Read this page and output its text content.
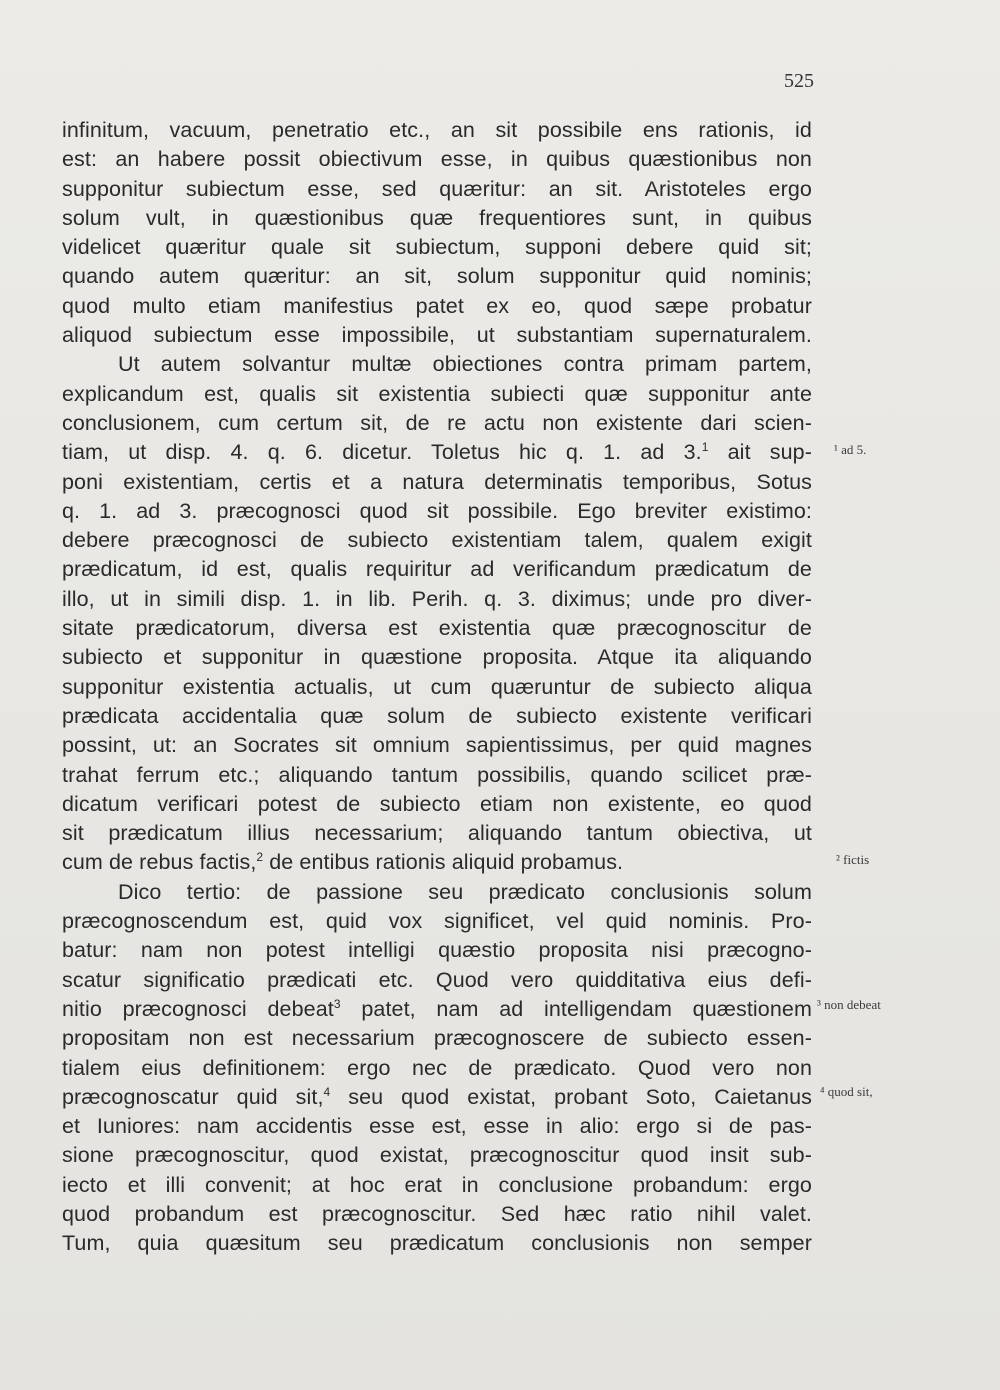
525
infinitum, vacuum, penetratio etc., an sit possibile ens rationis, id
est: an habere possit obiectivum esse, in quibus quæstionibus non
supponitur subiectum esse, sed quæritur: an sit. Aristoteles ergo
solum vult, in quæstionibus quæ frequentiores sunt, in quibus
videlicet quæritur quale sit subiectum, supponi debere quid sit;
quando autem quæritur: an sit, solum supponitur quid nominis;
quod multo etiam manifestius patet ex eo, quod sæpe probatur
aliquod subiectum esse impossibile, ut substantiam supernaturalem.
Ut autem solvantur multæ obiectiones contra primam partem,
explicandum est, qualis sit existentia subiecti quæ supponitur ante
conclusionem, cum certum sit, de re actu non existente dari scien-
tiam, ut disp. 4. q. 6. dicetur. Toletus hic q. 1. ad 3.$^1$ ait sup-
poni existentiam, certis et a natura determinatis temporibus, Sotus
q. 1. ad 3. præcognosci quod sit possibile. Ego breviter existimo:
debere præcognosci de subiecto existentiam talem, qualem exigit
prædicatum, id est, qualis requiritur ad verificandum prædicatum de
illo, ut in simili disp. 1. in lib. Perih. q. 3. diximus; unde pro diver-
sitate prædicatorum, diversa est existentia quæ præcognoscitur de
subiecto et supponitur in quæstione proposita. Atque ita aliquando
supponitur existentia actualis, ut cum quæruntur de subiecto aliqua
prædicata accidentalia quæ solum de subiecto existente verificari
possint, ut: an Socrates sit omnium sapientissimus, per quid magnes
trahat ferrum etc.; aliquando tantum possibilis, quando scilicet præ-
dicatum verificari potest de subiecto etiam non existente, eo quod
sit prædicatum illius necessarium; aliquando tantum obiectiva, ut
cum de rebus factis,$^2$ de entibus rationis aliquid probamus.
Dico tertio: de passione seu prædicato conclusionis solum
præcognoscendum est, quid vox significet, vel quid nominis. Pro-
batur: nam non potest intelligi quæstio proposita nisi præcogno-
scatur significatio prædicati etc. Quod vero quidditativa eius defi-
nitio præcognosci debeat$^3$ patet, nam ad intelligendam quæstionem
propositam non est necessarium præcognoscere de subiecto essen-
tialem eius definitionem: ergo nec de prædicato. Quod vero non
præcognoscatur quid sit,$^4$ seu quod existat, probant Soto, Caietanus
et Iuniores: nam accidentis esse est, esse in alio: ergo si de pas-
sione præcognoscitur, quod existat, præcognoscitur quod insit sub-
iecto et illi convenit; at hoc erat in conclusione probandum: ergo
quod probandum est præcognoscitur. Sed hæc ratio nihil valet.
Tum, quia quæsitum seu prædicatum conclusionis non semper
¹ ad 5.
² fictis
³ non debeat
⁴ quod sit,
